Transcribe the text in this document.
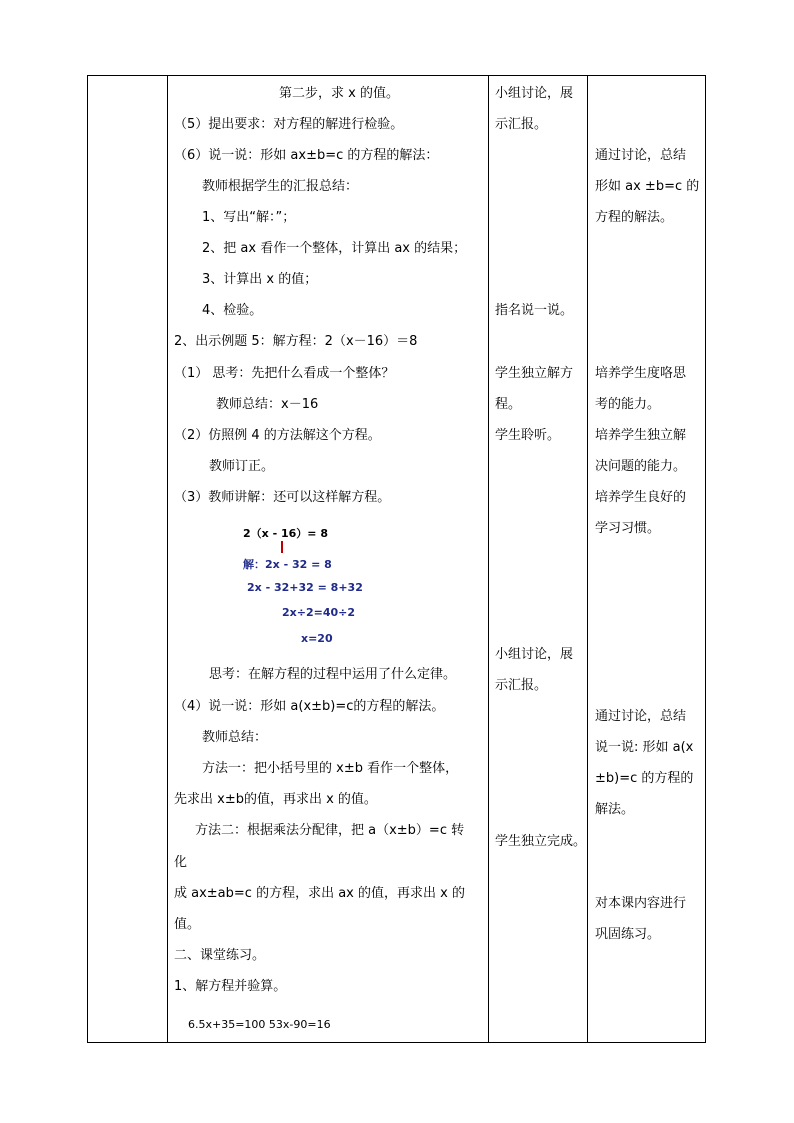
第二步，求 x 的值。
（5）提出要求：对方程的解进行检验。
（6）说一说：形如 ax±b=c 的方程的解法：
教师根据学生的汇报总结：
1、写出“解：”；
2、把 ax 看作一个整体，计算出 ax 的结果；
3、计算出 x 的值；
4、检验。
2、出示例题 5：解方程：2（x－16）＝8
（1） 思考：先把什么看成一个整体？
教师总结：x－16
（2）仿照例 4 的方法解这个方程。
教师订正。
（3）教师讲解：还可以这样解方程。
2（x - 16）= 8
解：2x - 32 = 8
2x - 32+32 = 8+32
2x÷2=40÷2
x=20
思考：在解方程的过程中运用了什么定律。
（4）说一说：形如 a(x±b)=c的方程的解法。
教师总结：
方法一：把小括号里的 x±b 看作一个整体，
先求出 x±b的值，再求出 x 的值。
方法二：根据乘法分配律，把 a（x±b）=c 转
化
成 ax±ab=c 的方程，求出 ax 的值，再求出 x 的
值。
二、课堂练习。
1、解方程并验算。
6.5x+35=100 53x-90=16
小组讨论，展
示汇报。
指名说一说。
学生独立解方
程。
学生聆听。
小组讨论，展
示汇报。
学生独立完成。
通过讨论，总结
形如 ax ±b=c 的
方程的解法。
培养学生度咯思
考的能力。
培养学生独立解
决问题的能力。
培养学生良好的
学习习惯。
通过讨论，总结
说一说: 形如 a(x
±b)=c 的方程的
解法。
对本课内容进行
巩固练习。
